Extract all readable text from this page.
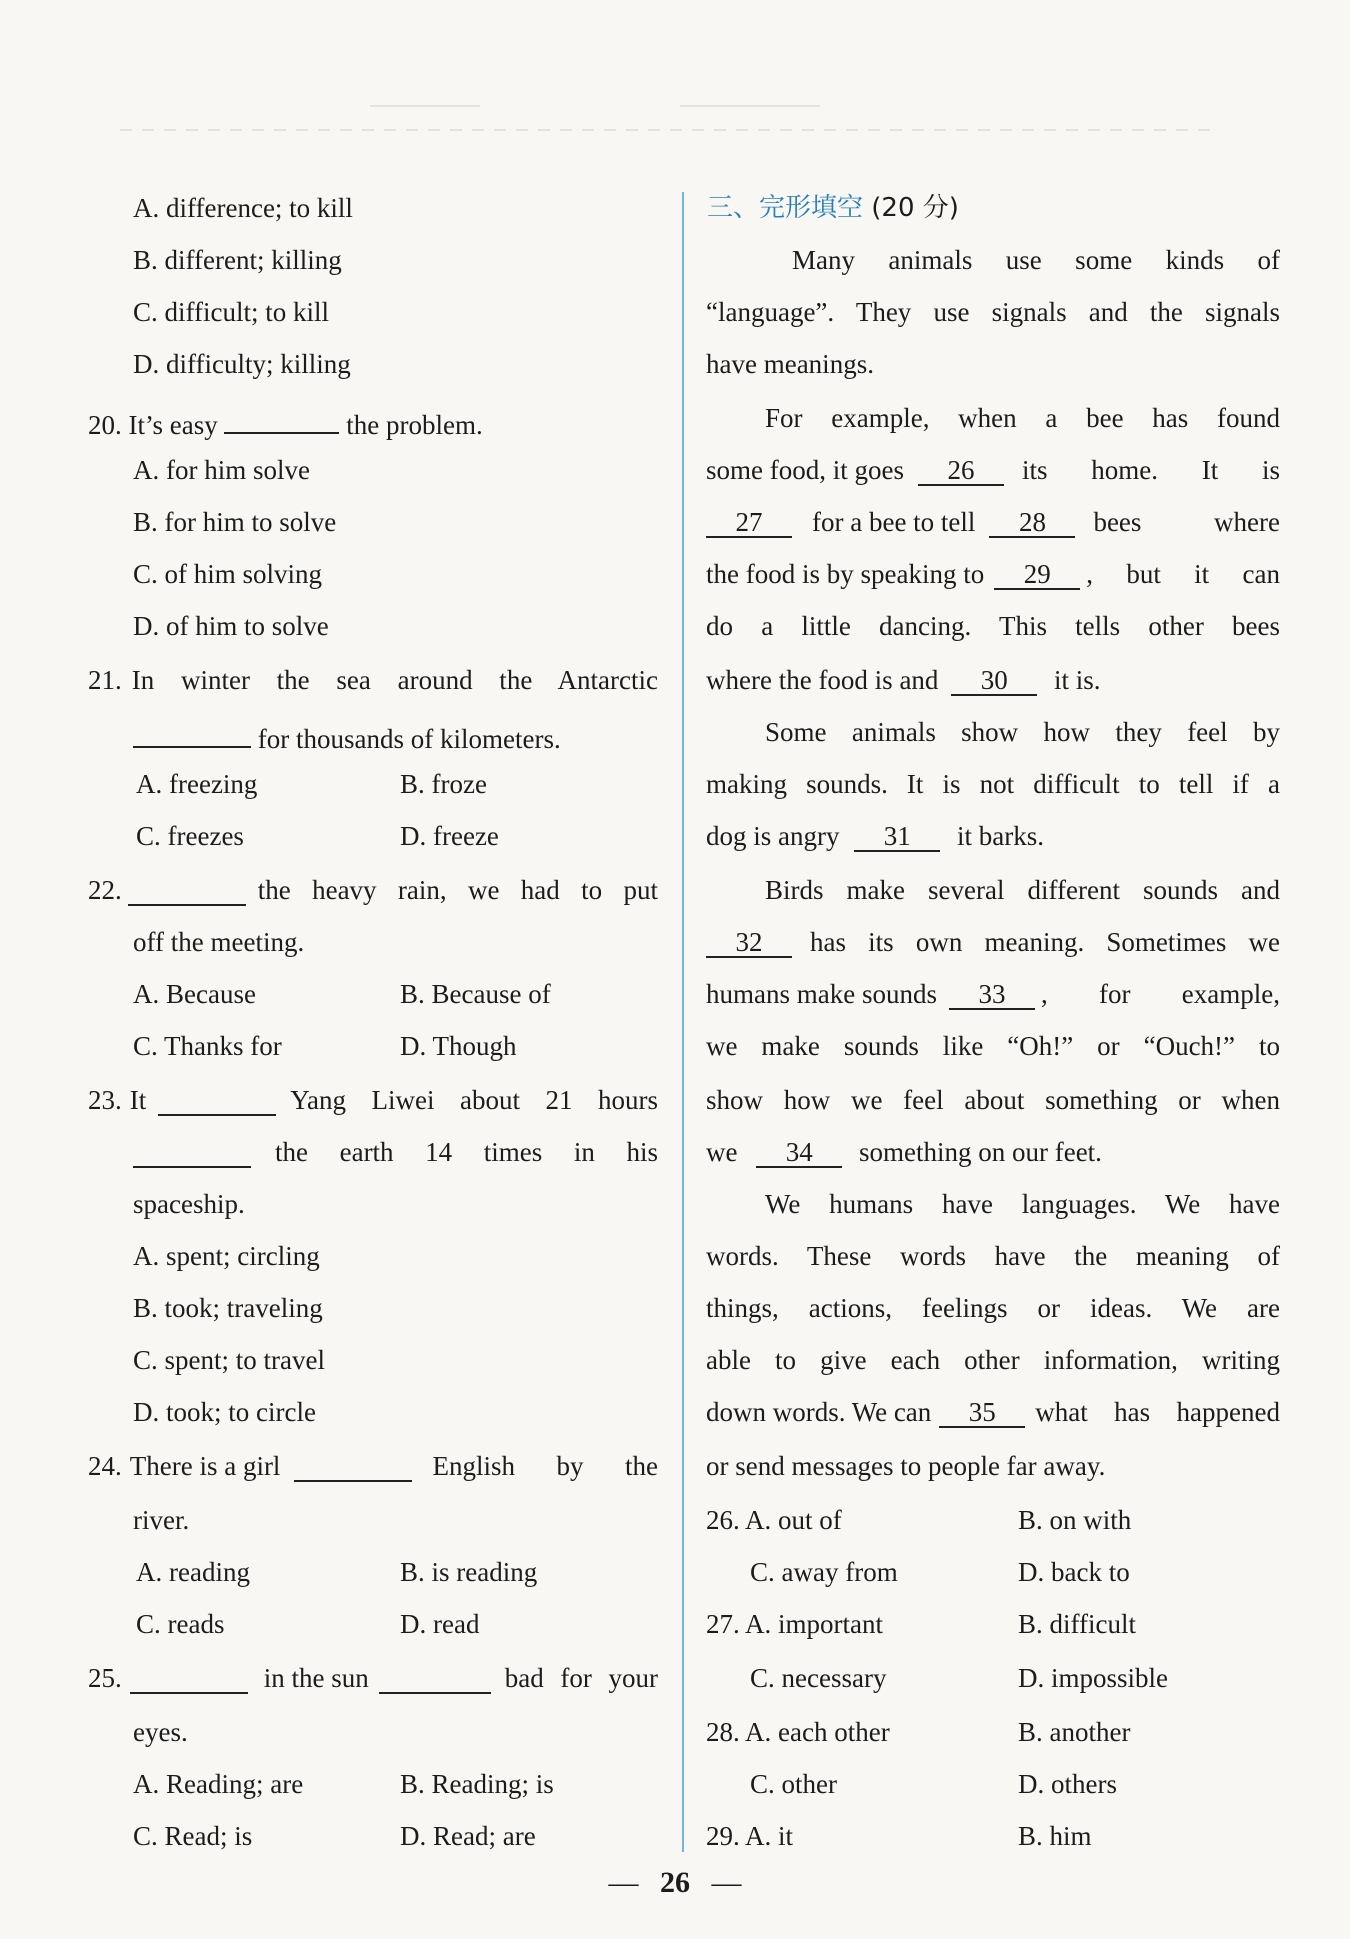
A. difference; to kill
B. different; killing
C. difficult; to kill
D. difficulty; killing
20. It’s easy	the problem.
A. for him solve
B. for him to solve
C. of him solving
D. of him to solve
21. In winter the sea around the Antarctic
for thousands of kilometers.
A. freezing	B. froze
C. freezes	D. freeze
22.	the heavy rain, we had to put
off the meeting.
A. Because	B. Because of
C. Thanks for	D. Though
23. It	Yang Liwei about 21 hours
the earth 14 times in his
spaceship.
A. spent; circling
B. took; traveling
C. spent; to travel
D. took; to circle
24. There is a girl	English by the
river.
A. reading	B. is reading
C. reads	D. read
25.	in the sun	bad for your
eyes.
A. Reading; are	B. Reading; is
C. Read; is	D. Read; are
三、完形填空 (20 分)
Many animals use some kinds of
“language”. They use signals and the signals
have meanings.
For example, when a bee has found
some food, it goes	26	its home. It is
27	for a bee to tell	28	bees where
the food is by speaking to	29	, but it can
do a little dancing. This tells other bees
where the food is and 30 it is.
Some animals show how they feel by
making sounds. It is not difficult to tell if a
dog is angry 31 it barks.
Birds make several different sounds and
32	has its own meaning. Sometimes we
humans make sounds	33	, for example,
we make sounds like “Oh!” or “Ouch!” to
show how we feel about something or when
we 34 something on our feet.
We humans have languages. We have
words. These words have the meaning of
things, actions, feelings or ideas. We are
able to give each other information, writing
down words. We can	35	what has happened
or send messages to people far away.
26. A. out of	B. on with
C. away from	D. back to
27. A. important	B. difficult
C. necessary	D. impossible
28. A. each other	B. another
C. other	D. others
29. A. it	B. him
— 26 —
